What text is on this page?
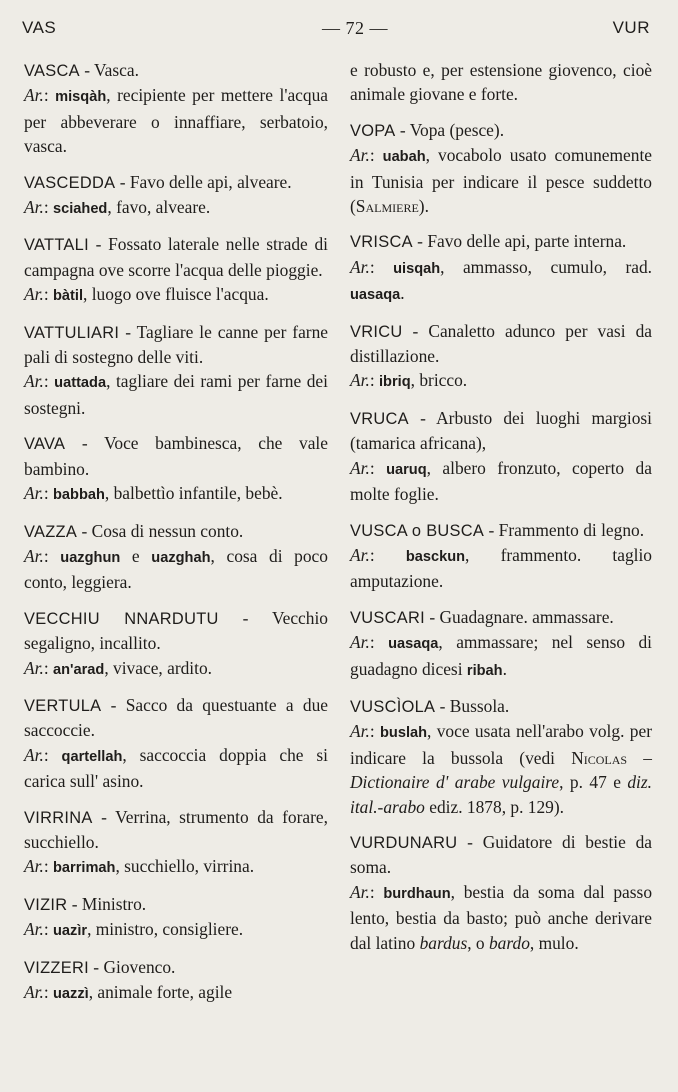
VAS	— 72 —	VUR

VASCA - Vasca.

Ar.: misqàh, recipiente per mettere l'acqua per abbeverare o innaffiare, serbatoio, vasca.

VASCEDDA - Favo delle api, alveare.

Ar.: sciahed, favo, alveare.

VATTALI - Fossato laterale nelle strade di campagna ove scorre l'acqua delle pioggie.

Ar.: bàtil, luogo ove fluisce l'acqua.

VATTULIARI - Tagliare le canne per farne pali di sostegno delle viti.

Ar.: uattada, tagliare dei rami per farne dei sostegni.

VAVA - Voce bambinesca, che vale bambino.

Ar.: babbah, balbettìo infantile, bebè.

VAZZA - Cosa di nessun conto.

Ar.: uazghun e uazghah, cosa di poco conto, leggiera.

VECCHIU NNARDUTU - Vecchio segaligno, incallito.

Ar.: an'arad, vivace, ardito.

VERTULA - Sacco da questuante a due saccoccie.

Ar.: qartellah, saccoccia doppia che si carica sull' asino.

VIRRINA - Verrina, strumento da forare, succhiello.

Ar.: barrimah, succhiello, virrina.

VIZIR - Ministro.

Ar.: uazìr, ministro, consigliere.

VIZZERI - Giovenco.

Ar.: uazzì, animale forte, agile

e robusto e, per estensione giovenco, cioè animale giovane e forte.

VOPA - Vopa (pesce).

Ar.: uabah, vocabolo usato comunemente in Tunisia per indicare il pesce suddetto (Salmiere).

VRISCA - Favo delle api, parte interna.

Ar.: uisqah, ammasso, cumulo, rad. uasaqa.

VRICU - Canaletto adunco per vasi da distillazione.

Ar.: ibriq, bricco.

VRUCA - Arbusto dei luoghi margiosi (tamarica africana),

Ar.: uaruq, albero fronzuto, coperto da molte foglie.

VUSCA o BUSCA - Frammento di legno.

Ar.: basckun, frammento. taglio amputazione.

VUSCARI - Guadagnare. ammassare.

Ar.: uasaqa, ammassare; nel senso di guadagno dicesi ribah.

VUSCÌOLA - Bussola.

Ar.: buslah, voce usata nell'arabo volg. per indicare la bussola (vedi Nicolas – Dictionaire d' arabe vulgaire, p. 47 e diz. ital.-arabo ediz. 1878, p. 129).

VURDUNARU - Guidatore di bestie da soma.

Ar.: burdhaun, bestia da soma dal passo lento, bestia da basto; può anche derivare dal latino bardus, o bardo, mulo.
